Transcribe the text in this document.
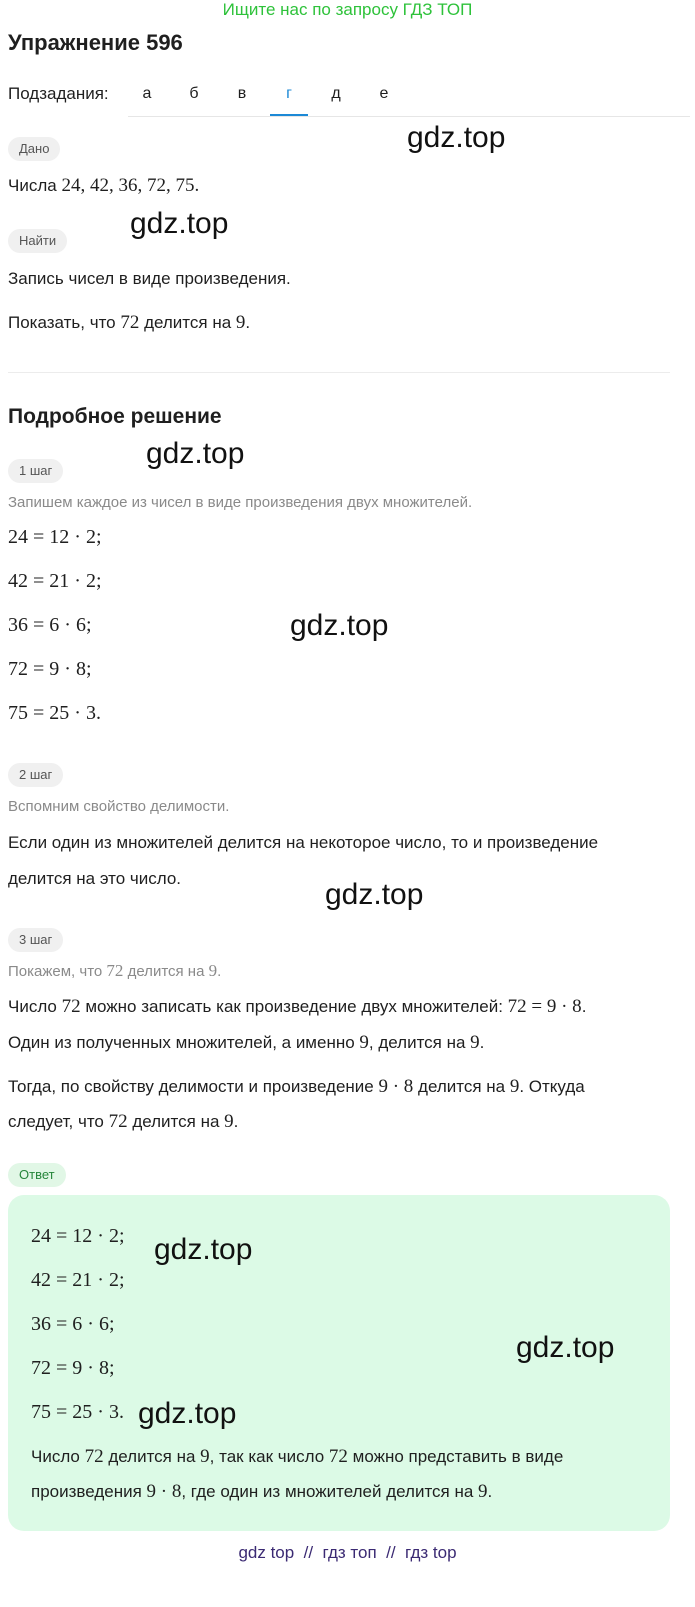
Ищите нас по запросу ГДЗ ТОП
Упражнение 596
Подзадания:	а	б	в	г	д	е
Дано
Числа 24, 42, 36, 72, 75.
Найти
Запись чисел в виде произведения.
Показать, что 72 делится на 9.
Подробное решение
1 шаг
Запишем каждое из чисел в виде произведения двух множителей.
24 = 12 · 2;
42 = 21 · 2;
36 = 6 · 6;
72 = 9 · 8;
75 = 25 · 3.
2 шаг
Вспомним свойство делимости.
Если один из множителей делится на некоторое число, то и произведение
делится на это число.
3 шаг
Покажем, что 72 делится на 9.
Число 72 можно записать как произведение двух множителей: 72 = 9 · 8.
Один из полученных множителей, а именно 9, делится на 9.
Тогда, по свойству делимости и произведение 9 · 8 делится на 9. Откуда
следует, что 72 делится на 9.
Ответ
24 = 12 · 2;
42 = 21 · 2;
36 = 6 · 6;
72 = 9 · 8;
75 = 25 · 3.
Число 72 делится на 9, так как число 72 можно представить в виде
произведения 9 · 8, где один из множителей делится на 9.
gdz.top
gdz.top
gdz.top
gdz.top
gdz.top
gdz.top
gdz.top
gdz.top
gdz top  //  гдз топ  //  гдз top
